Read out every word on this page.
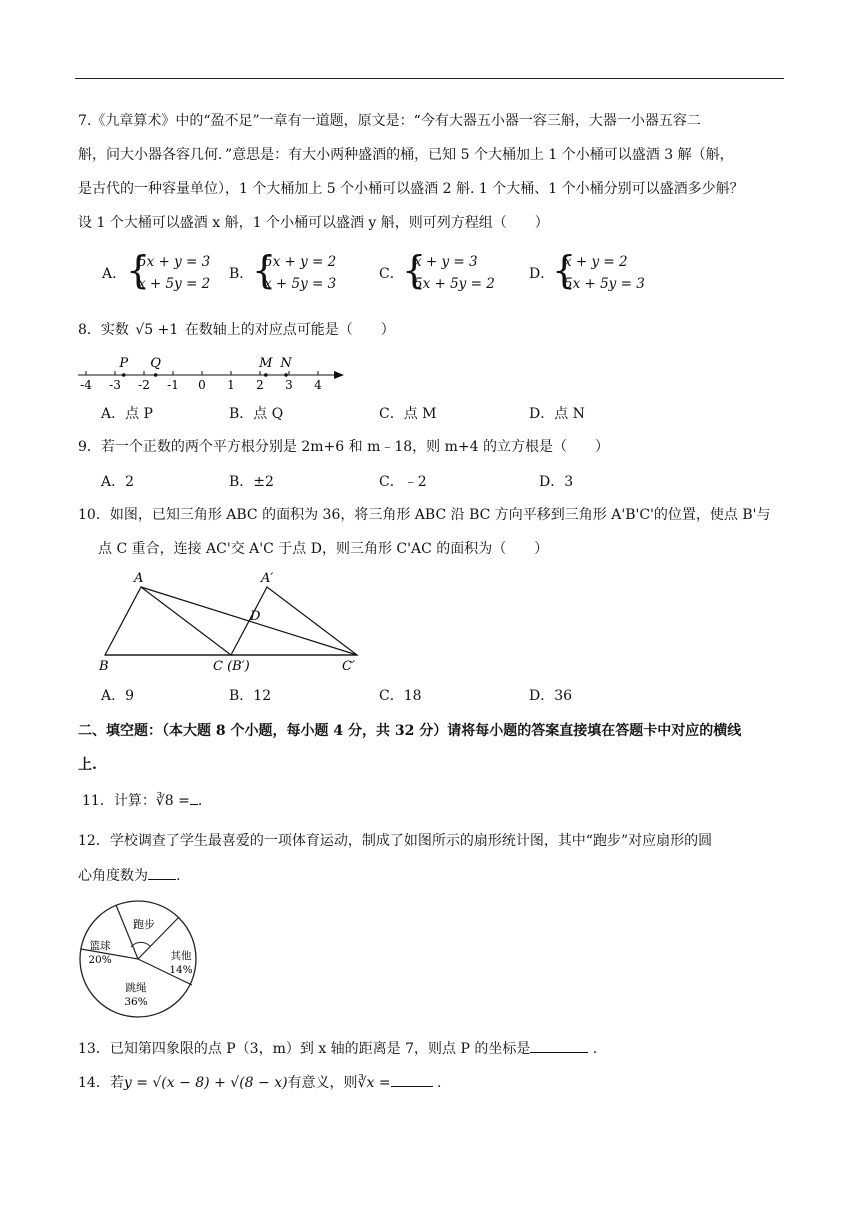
7.《九章算术》中的“盈不足”一章有一道题，原文是：“今有大器五小器一容三斛，大器一小器五容二
斛，问大小器各容几何．”意思是：有大小两种盛酒的桶，已知 5 个大桶加上 1 个小桶可以盛酒 3 解（斛，
是古代的一种容量单位），1 个大桶加上 5 个小桶可以盛酒 2 斛. 1 个大桶、1 个小桶分别可以盛酒多少斛？
设 1 个大桶可以盛酒 x 斛，1 个小桶可以盛酒 y 斛，则可列方程组（　　）
A． {
5x + y = 3
x + 5y = 2
B．
{
5x + y = 2
x + 5y = 3
C．
{
x + y = 3
5x + 5y = 2
D．
{
x + y = 2
5x + 5y = 3
8．实数 √5 +1 在数轴上的对应点可能是（　　）
-4 -3 -2 -1 0 1 2 3 4
P Q	M N
A．点 P	B．点 Q	C．点 M	D．点 N
9．若一个正数的两个平方根分别是 2m+6 和 m﹣18，则 m+4 的立方根是（　　）
A．2	B．±2	C．﹣2	D．3
10．如图，已知三角形 ABC 的面积为 36，将三角形 ABC 沿 BC 方向平移到三角形 A'B'C'的位置，使点 B'与
点 C 重合，连接 AC'交 A'C 于点 D，则三角形 C'AC 的面积为（　　）
A	A′
D
B	C (B′)	C′
A．9	B．12	C．18	D．36
二、填空题：（本大题 8 个小题，每小题 4 分，共 32 分）请将每小题的答案直接填在答题卡中对应的横线
上.
11．计算：∛8 = .
12．学校调查了学生最喜爱的一项体育运动，制成了如图所示的扇形统计图，其中“跑步”对应扇形的圆
心角度数为 .
跑步
篮球
20%	其他
14%
跳绳
36%
13．已知第四象限的点 P（3，m）到 x 轴的距离是 7，则点 P 的坐标是	.
14．若y = √(x − 8) + √(8 − x)有意义，则∛x =	.
